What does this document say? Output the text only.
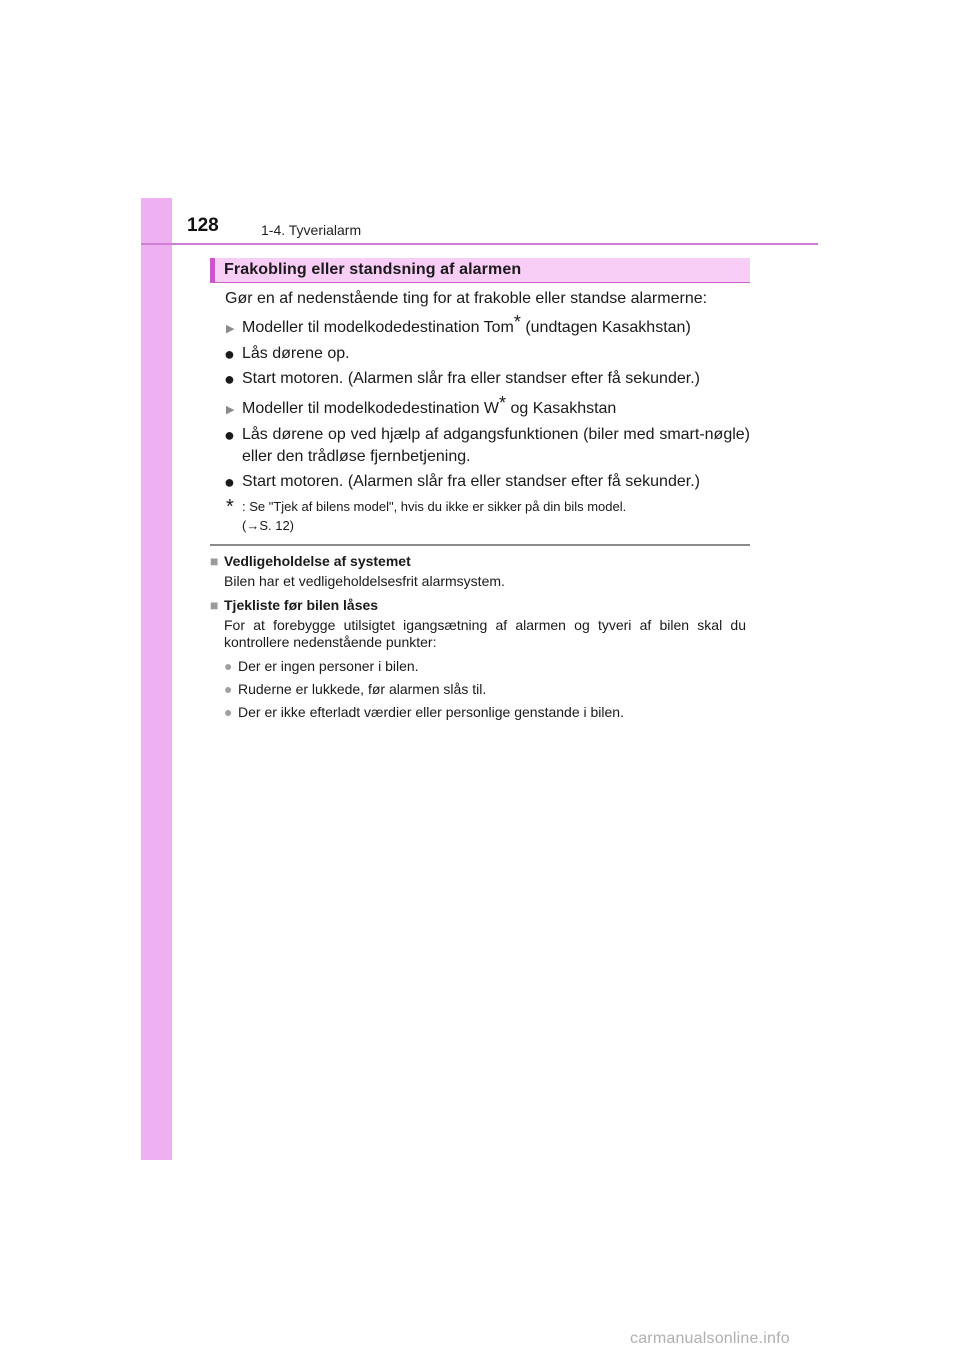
128	1-4. Tyverialarm
Frakobling eller standsning af alarmen

Gør en af nedenstående ting for at frakoble eller standse alarmerne:

▶ Modeller til modelkodedestination Tom* (undtagen Kasakhstan)
● Lås dørene op.
● Start motoren. (Alarmen slår fra eller standser efter få sekunder.)
▶ Modeller til modelkodedestination W* og Kasakhstan
● Lås dørene op ved hjælp af adgangsfunktionen (biler med smart-nøgle) eller den trådløse fjernbetjening.
● Start motoren. (Alarmen slår fra eller standser efter få sekunder.)
* : Se "Tjek af bilens model", hvis du ikke er sikker på din bils model.
(→S. 12)
■ Vedligeholdelse af systemet
Bilen har et vedligeholdelsesfrit alarmsystem.
■ Tjekliste før bilen låses
For at forebygge utilsigtet igangsætning af alarmen og tyveri af bilen skal du kontrollere nedenstående punkter:
● Der er ingen personer i bilen.
● Ruderne er lukkede, før alarmen slås til.
● Der er ikke efterladt værdier eller personlige genstande i bilen.
carmanualsonline.info
